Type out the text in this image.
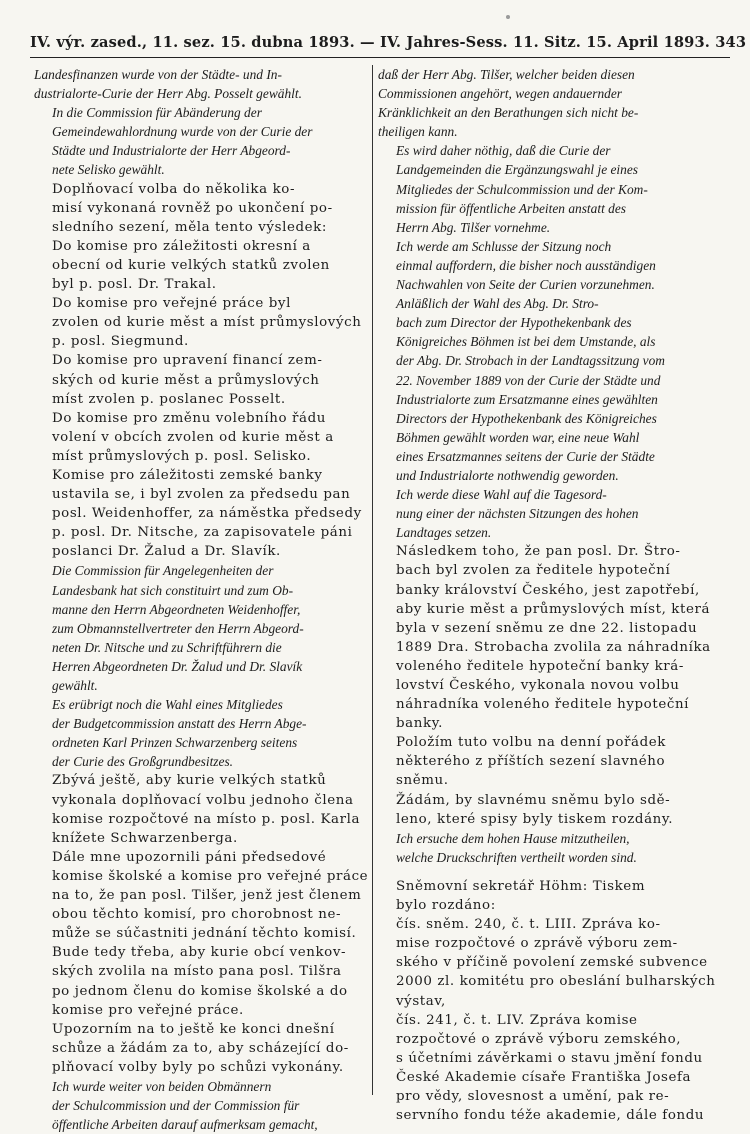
IV. výr. zased., 11. sez. 15. dubna 1893. — IV. Jahres-Sess. 11. Sitz. 15. April 1893. 343

Landesfinanzen wurde von der Städte- und In-
dustrialorte-Curie der Herr Abg. Posselt gewählt.

In die Commission für Abänderung der
Gemeindewahlordnung wurde von der Curie der
Städte und Industrialorte der Herr Abgeord-
nete Selisko gewählt.

Doplňovací volba do několika ko-
misí vykonaná rovněž po ukončení po-
sledního sezení, měla tento výsledek:

Do komise pro záležitosti okresní a
obecní od kurie velkých statků zvolen
byl p. posl. Dr. Trakal.

Do komise pro veřejné práce byl
zvolen od kurie měst a míst průmyslových
p. posl. Siegmund.

Do komise pro upravení financí zem-
ských od kurie měst a průmyslových
míst zvolen p. poslanec Posselt.

Do komise pro změnu volebního řádu
volení v obcích zvolen od kurie měst a
míst průmyslových p. posl. Selisko.

Komise pro záležitosti zemské banky
ustavila se, i byl zvolen za předsedu pan
posl. Weidenhoffer, za náměstka předsedy
p. posl. Dr. Nitsche, za zapisovatele páni
poslanci Dr. Žalud a Dr. Slavík.

Die Commission für Angelegenheiten der
Landesbank hat sich constituirt und zum Ob-
manne den Herrn Abgeordneten Weidenhoffer,
zum Obmannstellvertreter den Herrn Abgeord-
neten Dr. Nitsche und zu Schriftführern die
Herren Abgeordneten Dr. Žalud und Dr. Slavík
gewählt.

Es erübrigt noch die Wahl eines Mitgliedes
der Budgetcommission anstatt des Herrn Abge-
ordneten Karl Prinzen Schwarzenberg seitens
der Curie des Großgrundbesitzes.

Zbývá ještě, aby kurie velkých statků
vykonala doplňovací volbu jednoho člena
komise rozpočtové na místo p. posl. Karla
knížete Schwarzenberga.

Dále mne upozornili páni předsedové
komise školské a komise pro veřejné práce
na to, že pan posl. Tilšer, jenž jest členem
obou těchto komisí, pro chorobnost ne-
může se súčastniti jednání těchto komisí.
Bude tedy třeba, aby kurie obcí venkov-
ských zvolila na místo pana posl. Tilšra
po jednom členu do komise školské a do
komise pro veřejné práce.

Upozorním na to ještě ke konci dnešní
schůze a žádám za to, aby scházející do-
plňovací volby byly po schůzi vykonány.

Ich wurde weiter von beiden Obmännern
der Schulcommission und der Commission für
öffentliche Arbeiten darauf aufmerksam gemacht,

daß der Herr Abg. Tilšer, welcher beiden diesen
Commissionen angehört, wegen andauernder
Kränklichkeit an den Berathungen sich nicht be-
theiligen kann.

Es wird daher nöthig, daß die Curie der
Landgemeinden die Ergänzungswahl je eines
Mitgliedes der Schulcommission und der Kom-
mission für öffentliche Arbeiten anstatt des
Herrn Abg. Tilšer vornehme.

Ich werde am Schlusse der Sitzung noch
einmal auffordern, die bisher noch ausständigen
Nachwahlen von Seite der Curien vorzunehmen.

Anläßlich der Wahl des Abg. Dr. Stro-
bach zum Director der Hypothekenbank des
Königreiches Böhmen ist bei dem Umstande, als
der Abg. Dr. Strobach in der Landtagssitzung vom
22. November 1889 von der Curie der Städte und
Industrialorte zum Ersatzmanne eines gewählten
Directors der Hypothekenbank des Königreiches
Böhmen gewählt worden war, eine neue Wahl
eines Ersatzmannes seitens der Curie der Städte
und Industrialorte nothwendig geworden.

Ich werde diese Wahl auf die Tagesord-
nung einer der nächsten Sitzungen des hohen
Landtages setzen.

Následkem toho, že pan posl. Dr. Štro-
bach byl zvolen za ředitele hypoteční
banky království Českého, jest zapotřebí,
aby kurie měst a průmyslových míst, která
byla v sezení sněmu ze dne 22. listopadu
1889 Dra. Strobacha zvolila za náhradníka
voleného ředitele hypoteční banky krá-
lovství Českého, vykonala novou volbu
náhradníka voleného ředitele hypoteční
banky.

Položím tuto volbu na denní pořádek
některého z příštích sezení slavného
sněmu.

Žádám, by slavnému sněmu bylo sdě-
leno, které spisy byly tiskem rozdány.

Ich ersuche dem hohen Hause mitzutheilen,
welche Druckschriften vertheilt worden sind.

Sněmovní sekretář Höhm: Tiskem
bylo rozdáno:

čís. sněm. 240, č. t. LIII. Zpráva ko-
mise rozpočtové o zprávě výboru zem-
ského v příčině povolení zemské subvence
2000 zl. komitétu pro obeslání bulharských
výstav,

čís. 241, č. t. LIV. Zpráva komise
rozpočtové o zprávě výboru zemského,
s účetními závěrkami o stavu jmění fondu
České Akademie císaře Františka Josefa
pro vědy, slovesnost a umění, pak re-
servního fondu téže akademie, dále fondu
